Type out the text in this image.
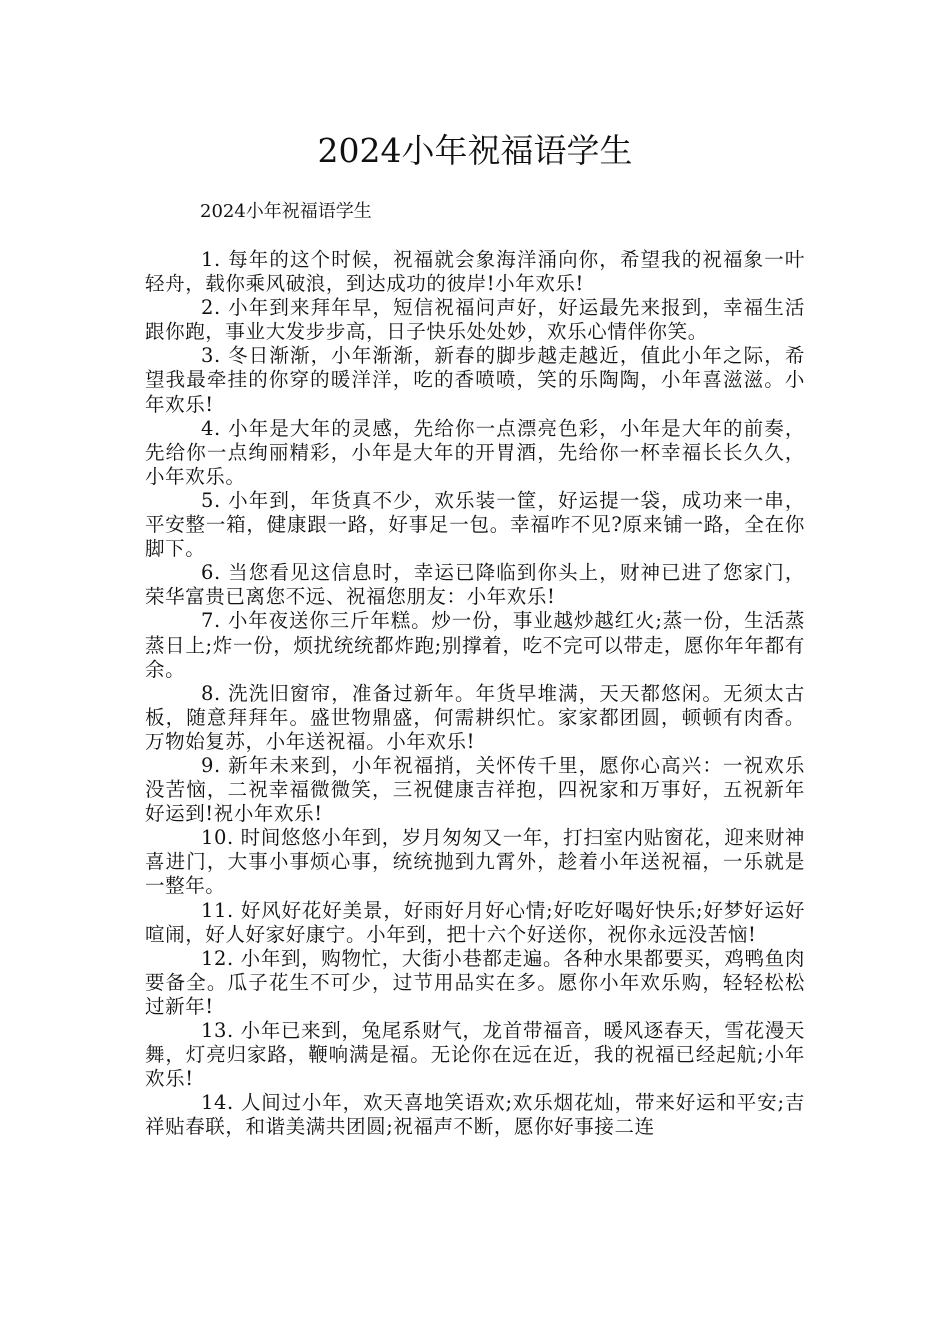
2024小年祝福语学生

2024小年祝福语学生

1. 每年的这个时候，祝福就会象海洋涌向你，希望我的祝福象一叶轻舟，载你乘风破浪，到达成功的彼岸!小年欢乐!

2. 小年到来拜年早，短信祝福问声好，好运最先来报到，幸福生活跟你跑，事业大发步步高，日子快乐处处妙，欢乐心情伴你笑。

3. 冬日渐渐，小年渐渐，新春的脚步越走越近，值此小年之际，希望我最牵挂的你穿的暖洋洋，吃的香喷喷，笑的乐陶陶，小年喜滋滋。小年欢乐!

4. 小年是大年的灵感，先给你一点漂亮色彩，小年是大年的前奏，先给你一点绚丽精彩，小年是大年的开胃酒，先给你一杯幸福长长久久，小年欢乐。

5. 小年到，年货真不少，欢乐装一筐，好运提一袋，成功来一串，平安整一箱，健康跟一路，好事足一包。幸福咋不见?原来铺一路，全在你脚下。

6. 当您看见这信息时，幸运已降临到你头上，财神已进了您家门，荣华富贵已离您不远、祝福您朋友：小年欢乐!

7. 小年夜送你三斤年糕。炒一份，事业越炒越红火;蒸一份，生活蒸蒸日上;炸一份，烦扰统统都炸跑;别撑着，吃不完可以带走，愿你年年都有余。

8. 洗洗旧窗帘，准备过新年。年货早堆满，天天都悠闲。无须太古板，随意拜拜年。盛世物鼎盛，何需耕织忙。家家都团圆，顿顿有肉香。万物始复苏，小年送祝福。小年欢乐!

9. 新年未来到，小年祝福捎，关怀传千里，愿你心高兴：一祝欢乐没苦恼，二祝幸福微微笑，三祝健康吉祥抱，四祝家和万事好，五祝新年好运到!祝小年欢乐!

10. 时间悠悠小年到，岁月匆匆又一年，打扫室内贴窗花，迎来财神喜进门，大事小事烦心事，统统抛到九霄外，趁着小年送祝福，一乐就是一整年。

11. 好风好花好美景，好雨好月好心情;好吃好喝好快乐;好梦好运好喧闹，好人好家好康宁。小年到，把十六个好送你，祝你永远没苦恼!

12. 小年到，购物忙，大街小巷都走遍。各种水果都要买，鸡鸭鱼肉要备全。瓜子花生不可少，过节用品实在多。愿你小年欢乐购，轻轻松松过新年!

13. 小年已来到，兔尾系财气，龙首带福音，暖风逐春天，雪花漫天舞，灯亮归家路，鞭响满是福。无论你在远在近，我的祝福已经起航;小年欢乐!

14. 人间过小年，欢天喜地笑语欢;欢乐烟花灿，带来好运和平安;吉祥贴春联，和谐美满共团圆;祝福声不断，愿你好事接二连
